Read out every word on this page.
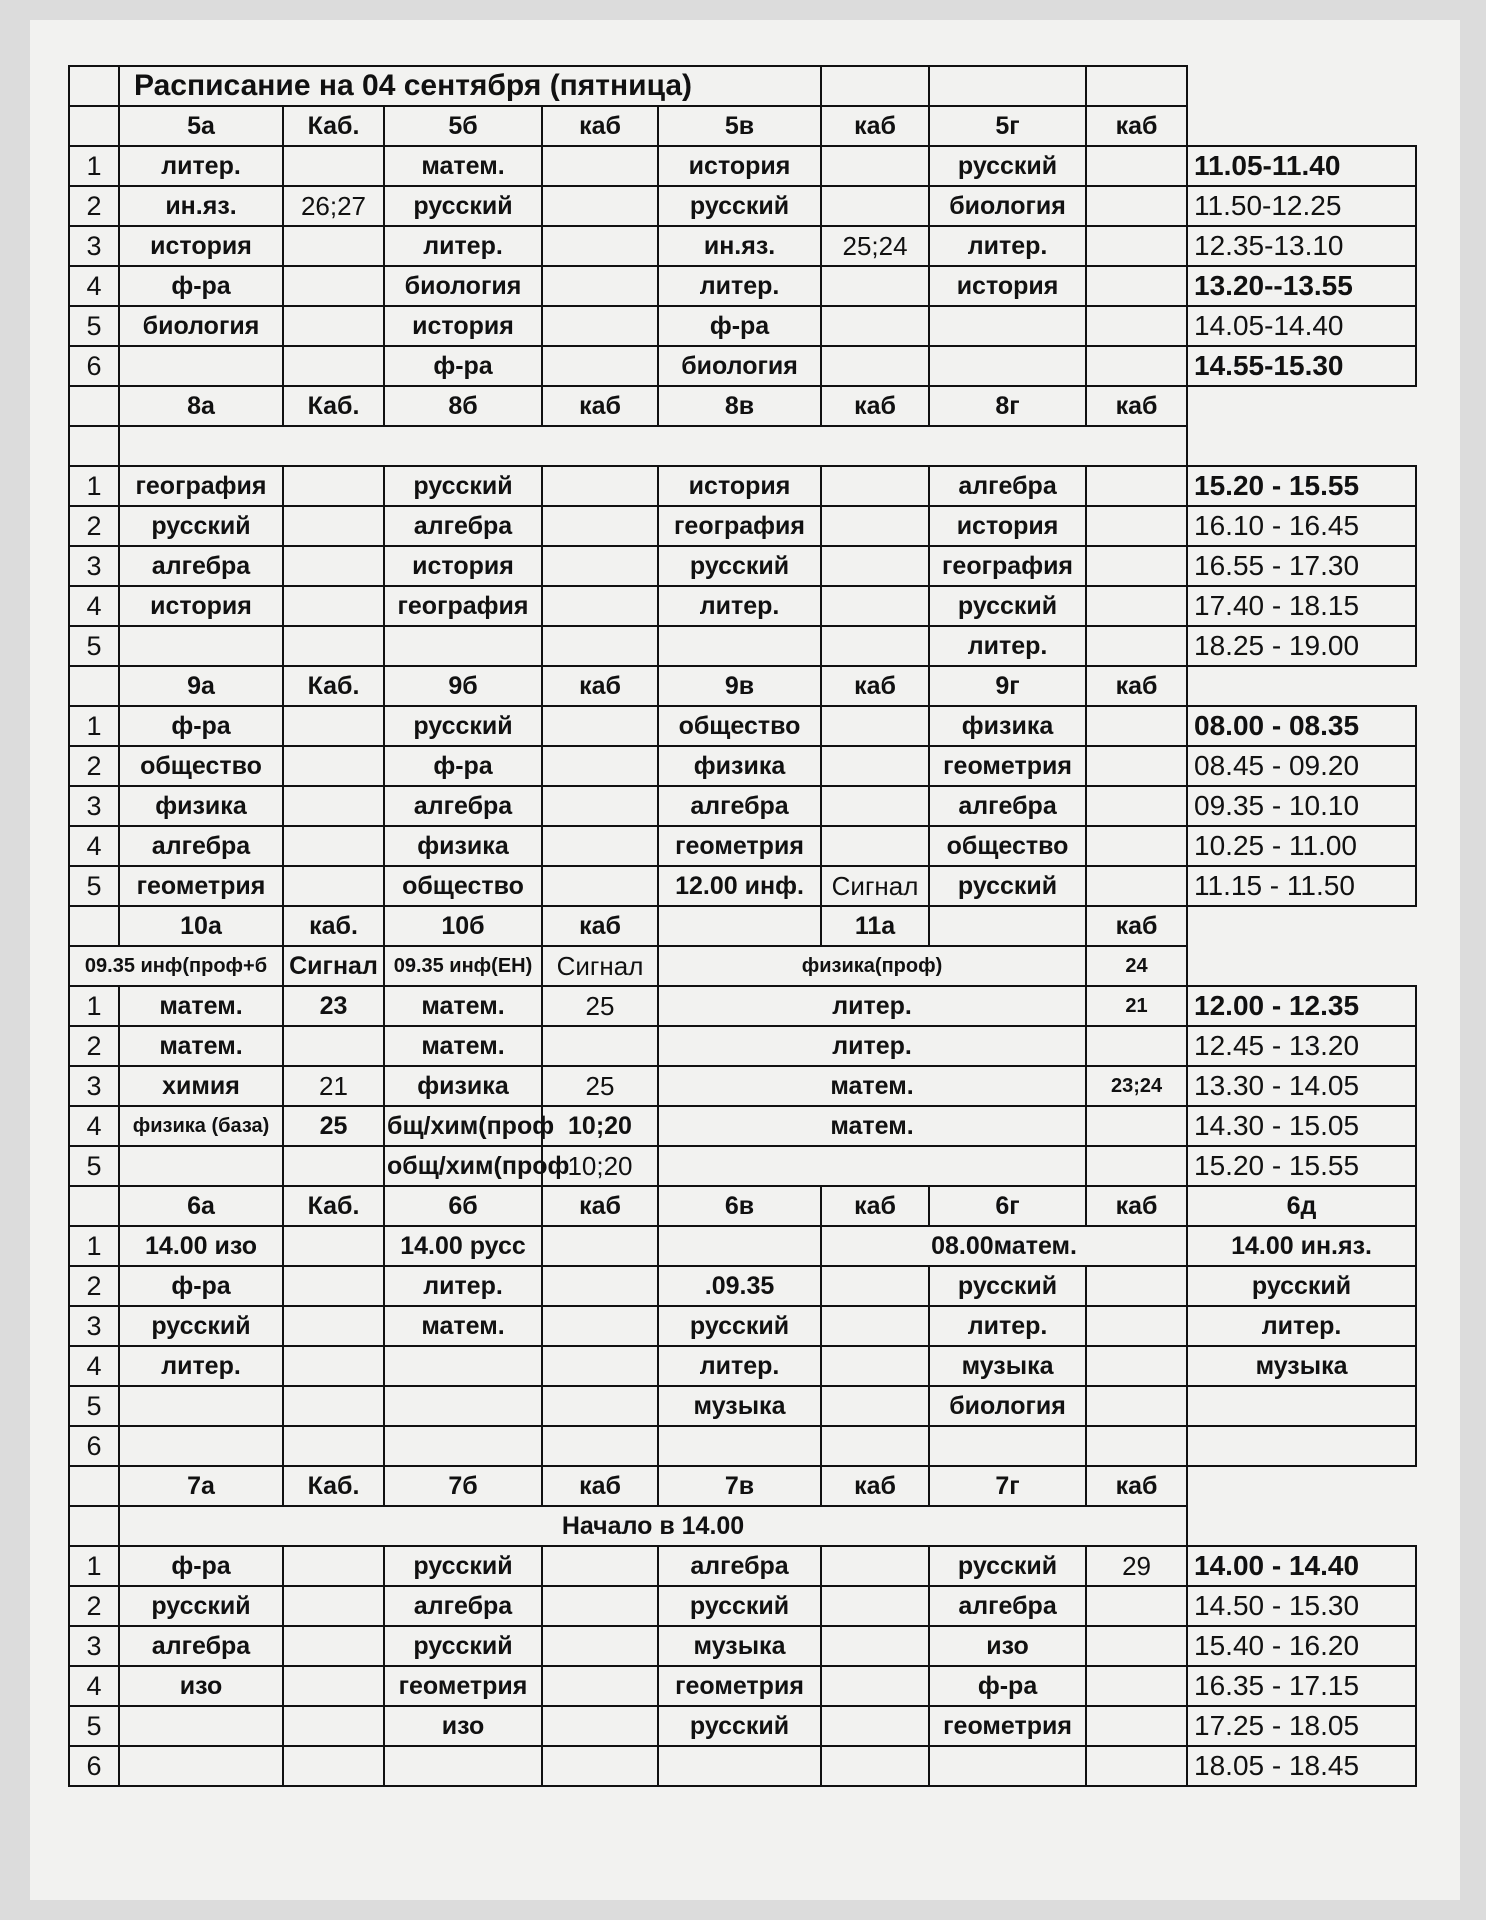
	Расписание на 04 сентября (пятница)								
	5а	Каб.	5б	каб	5в	каб	5г	каб	
1	литер.		матем.		история		русский		11.05-11.40
2	ин.яз.	26;27	русский		русский		биология		11.50-12.25
3	история		литер.		ин.яз.	25;24	литер.		12.35-13.10
4	ф-ра		биология		литер.		история		13.20--13.55
5	биология		история		ф-ра				14.05-14.40
6			ф-ра		биология				14.55-15.30
	8а	Каб.	8б	каб	8в	каб	8г	каб	

1	география		русский		история		алгебра		15.20 - 15.55
2	русский		алгебра		география		история		16.10 - 16.45
3	алгебра		история		русский		география		16.55 - 17.30
4	история		география		литер.		русский		17.40 - 18.15
5							литер.		18.25 - 19.00
	9а	Каб.	9б	каб	9в	каб	9г	каб	
1	ф-ра		русский		общество		физика		08.00 - 08.35
2	общество		ф-ра		физика		геометрия		08.45 - 09.20
3	физика		алгебра		алгебра		алгебра		09.35 - 10.10
4	алгебра		физика		геометрия		общество		10.25 - 11.00
5	геометрия		общество		12.00 инф.	Сигнал	русский		11.15 - 11.50
	10а	каб.	10б	каб		11а		каб	
09.35 инф(проф+б		Сигнал	09.35 инф(ЕН)	Сигнал	физика(проф)			24	
1	матем.	23	матем.	25	литер.			21	12.00 - 12.35
2	матем.		матем.		литер.				12.45 - 13.20
3	химия	21	физика	25	матем.			23;24	13.30 - 14.05
4	физика (база)	25	бщ/хим(проф	10;20	матем.				14.30 - 15.05
5			общ/хим(проф	10;20					15.20 - 15.55
	6а	Каб.	6б	каб	6в	каб	6г	каб	6д
1	14.00 изо		14.00 русс			08.00матем.			14.00 ин.яз.
2	ф-ра		литер.		.09.35		русский		русский
3	русский		матем.		русский		литер.		литер.
4	литер.				литер.		музыка		музыка
5					музыка		биология		
6									
	7а	Каб.	7б	каб	7в	каб	7г	каб	
	Начало в 14.00								
1	ф-ра		русский		алгебра		русский	29	14.00 - 14.40
2	русский		алгебра		русский		алгебра		14.50 - 15.30
3	алгебра		русский		музыка		изо		15.40 - 16.20
4	изо		геометрия		геометрия		ф-ра		16.35 - 17.15
5			изо		русский		геометрия		17.25 - 18.05
6									18.05 - 18.45
